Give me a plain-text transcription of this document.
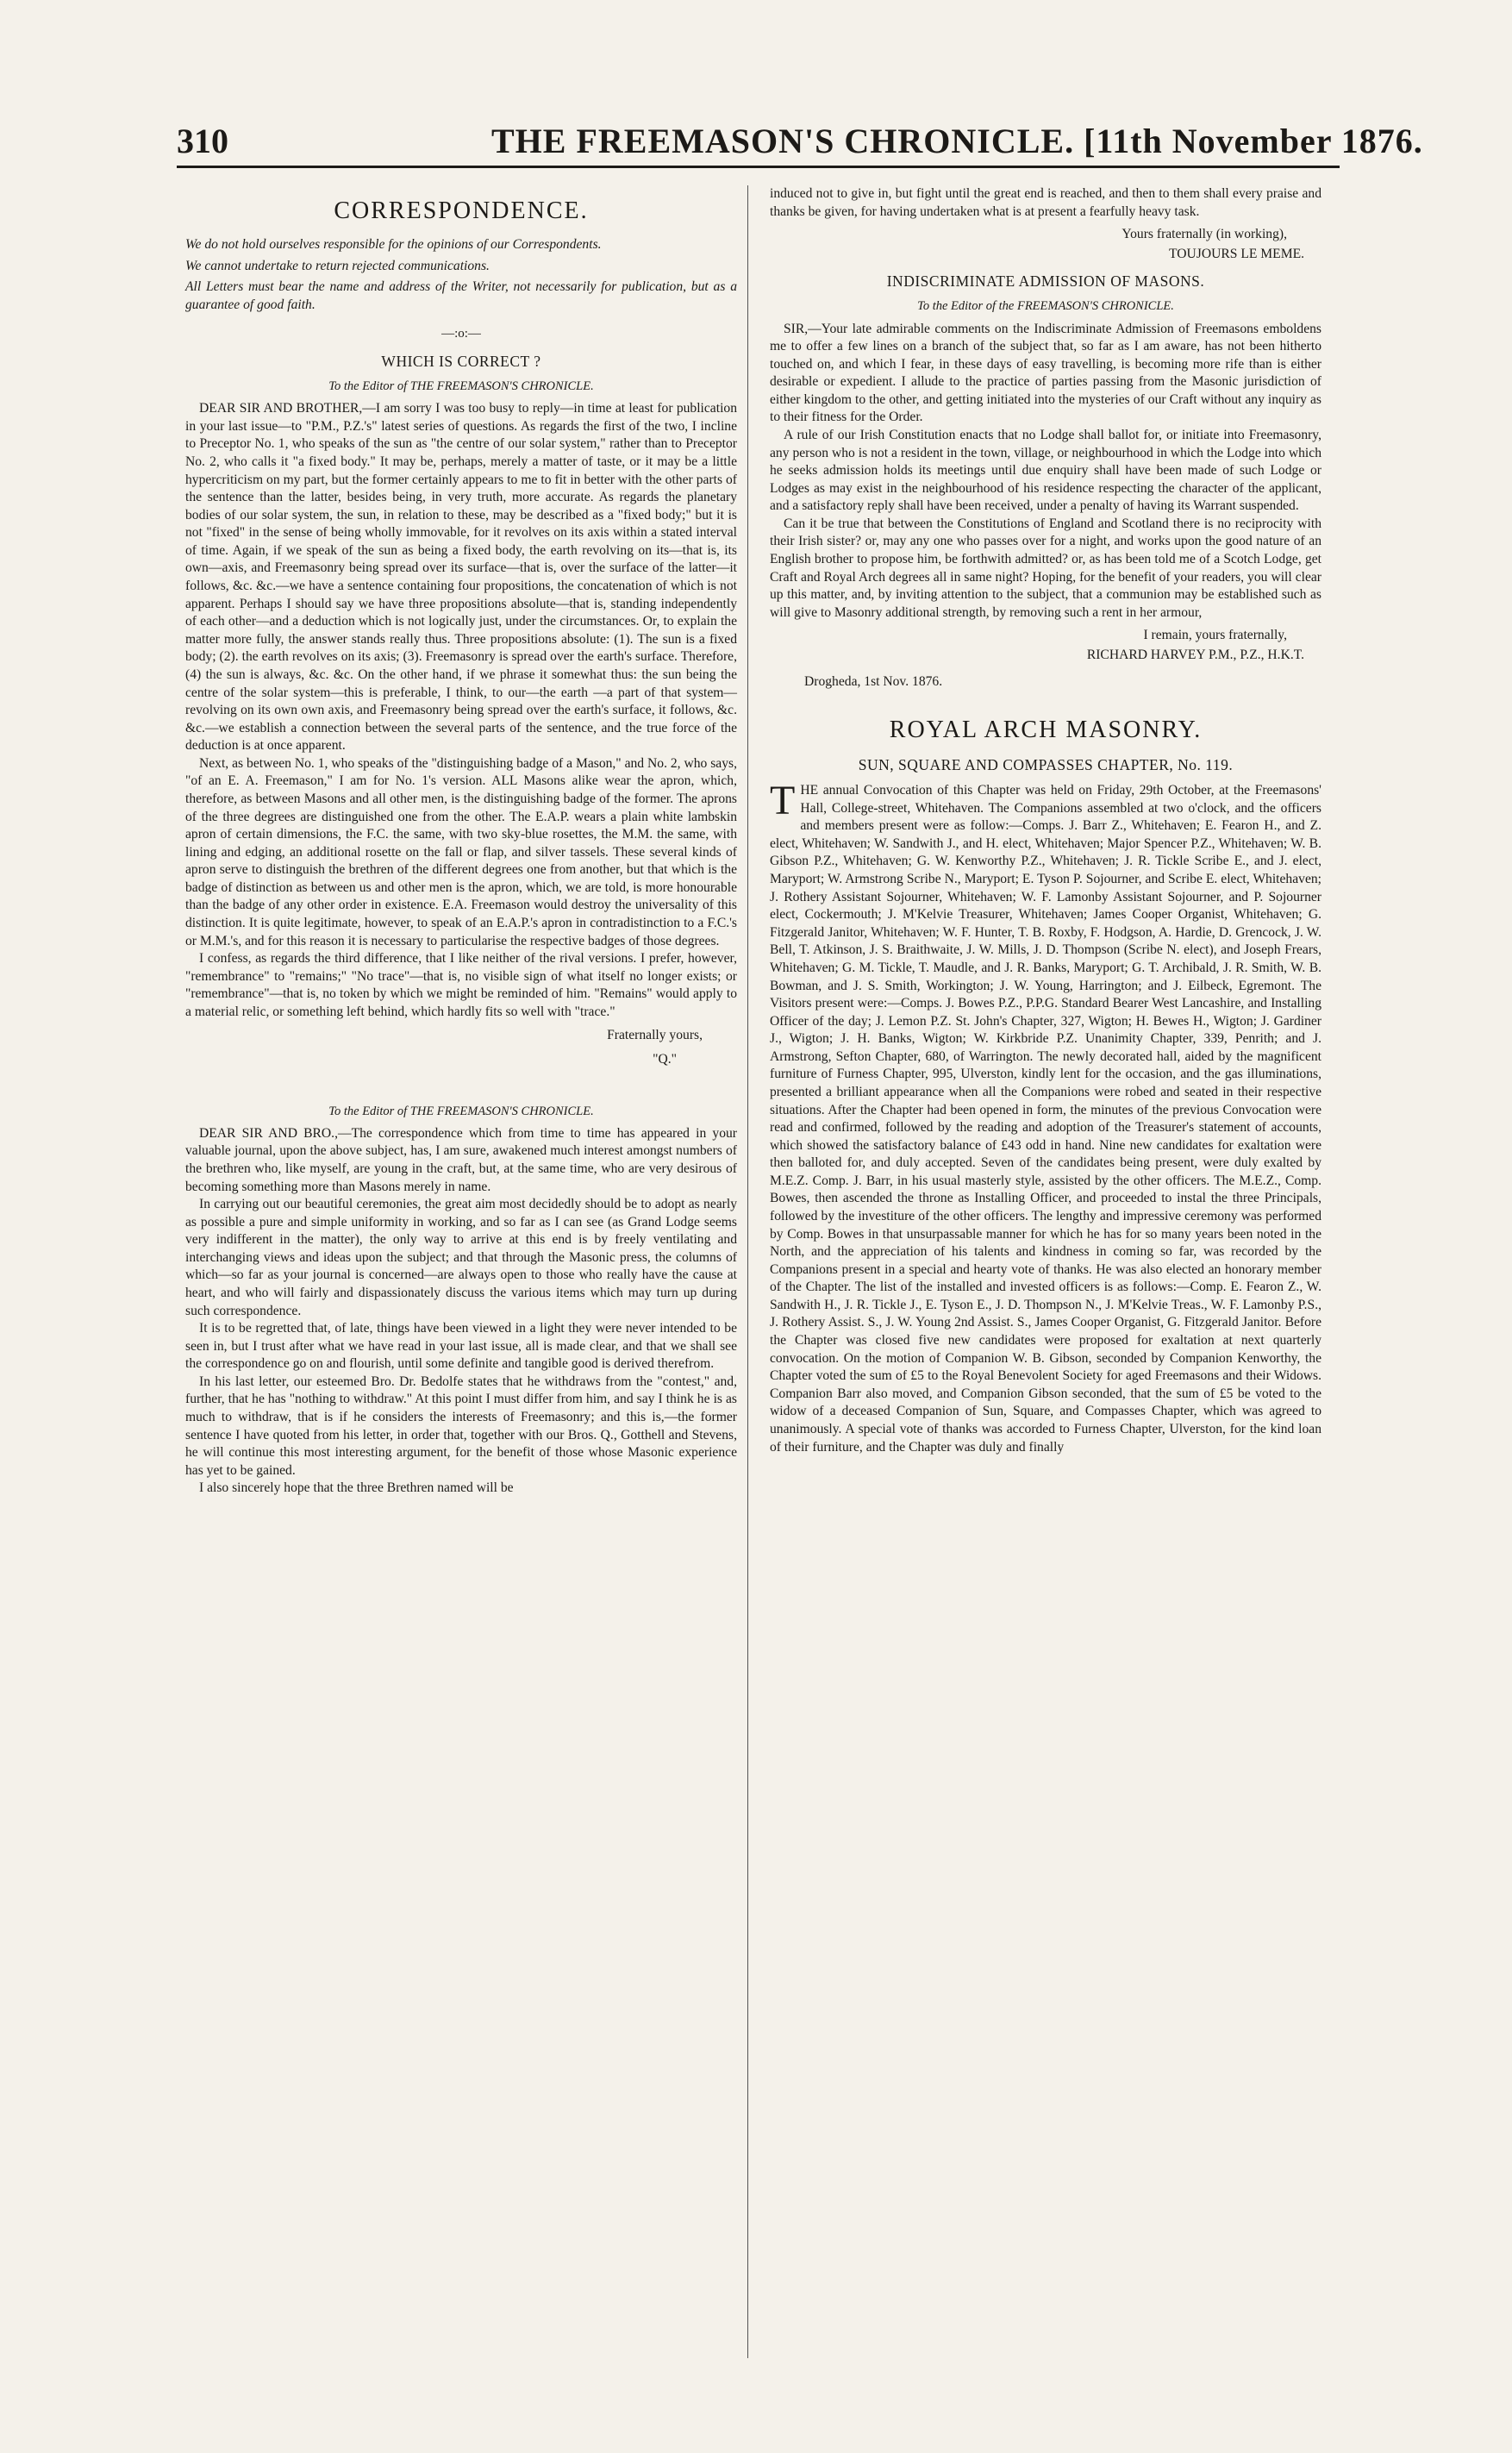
310	THE FREEMASON'S CHRONICLE. [11th November 1876.
CORRESPONDENCE.

We do not hold ourselves responsible for the opinions of our Correspondents.

We cannot undertake to return rejected communications.

All Letters must bear the name and address of the Writer, not necessarily for publication, but as a guarantee of good faith.

—:o:—
WHICH IS CORRECT ?
To the Editor of THE FREEMASON'S CHRONICLE.

DEAR SIR AND BROTHER,—I am sorry I was too busy to reply—in time at least for publication in your last issue—to "P.M., P.Z.'s" latest series of questions. As regards the first of the two, I incline to Preceptor No. 1, who speaks of the sun as "the centre of our solar system," rather than to Preceptor No. 2, who calls it "a fixed body." It may be, perhaps, merely a matter of taste, or it may be a little hypercriticism on my part, but the former certainly appears to me to fit in better with the other parts of the sentence than the latter, besides being, in very truth, more accurate. As regards the planetary bodies of our solar system, the sun, in relation to these, may be described as a "fixed body;" but it is not "fixed" in the sense of being wholly immovable, for it revolves on its axis within a stated interval of time. Again, if we speak of the sun as being a fixed body, the earth revolving on its—that is, its own—axis, and Freemasonry being spread over its surface—that is, over the surface of the latter—it follows, &c. &c.—we have a sentence containing four propositions, the concatenation of which is not apparent. Perhaps I should say we have three propositions absolute—that is, standing independently of each other—and a deduction which is not logically just, under the circumstances. Or, to explain the matter more fully, the answer stands really thus. Three propositions absolute: (1). The sun is a fixed body; (2). the earth revolves on its axis; (3). Freemasonry is spread over the earth's surface. Therefore, (4) the sun is always, &c. &c. On the other hand, if we phrase it somewhat thus: the sun being the centre of the solar system—this is preferable, I think, to our—the earth —a part of that system—revolving on its own own axis, and Freemasonry being spread over the earth's surface, it follows, &c. &c.—we establish a connection between the several parts of the sentence, and the true force of the deduction is at once apparent.

Next, as between No. 1, who speaks of the "distinguishing badge of a Mason," and No. 2, who says, "of an E. A. Freemason," I am for No. 1's version. ALL Masons alike wear the apron, which, therefore, as between Masons and all other men, is the distinguishing badge of the former. The aprons of the three degrees are distinguished one from the other. The E.A.P. wears a plain white lambskin apron of certain dimensions, the F.C. the same, with two sky-blue rosettes, the M.M. the same, with lining and edging, an additional rosette on the fall or flap, and silver tassels. These several kinds of apron serve to distinguish the brethren of the different degrees one from another, but that which is the badge of distinction as between us and other men is the apron, which, we are told, is more honourable than the badge of any other order in existence. E.A. Freemason would destroy the universality of this distinction. It is quite legitimate, however, to speak of an E.A.P.'s apron in contradistinction to a F.C.'s or M.M.'s, and for this reason it is necessary to particularise the respective badges of those degrees.

I confess, as regards the third difference, that I like neither of the rival versions. I prefer, however, "remembrance" to "remains;" "No trace"—that is, no visible sign of what itself no longer exists; or "remembrance"—that is, no token by which we might be reminded of him. "Remains" would apply to a material relic, or something left behind, which hardly fits so well with "trace."

Fraternally yours,
"Q."
To the Editor of THE FREEMASON'S CHRONICLE.

DEAR SIR AND BRO.,—The correspondence which from time to time has appeared in your valuable journal, upon the above subject, has, I am sure, awakened much interest amongst numbers of the brethren who, like myself, are young in the craft, but, at the same time, who are very desirous of becoming something more than Masons merely in name.

In carrying out our beautiful ceremonies, the great aim most decidedly should be to adopt as nearly as possible a pure and simple uniformity in working, and so far as I can see (as Grand Lodge seems very indifferent in the matter), the only way to arrive at this end is by freely ventilating and interchanging views and ideas upon the subject; and that through the Masonic press, the columns of which—so far as your journal is concerned—are always open to those who really have the cause at heart, and who will fairly and dispassionately discuss the various items which may turn up during such correspondence.

It is to be regretted that, of late, things have been viewed in a light they were never intended to be seen in, but I trust after what we have read in your last issue, all is made clear, and that we shall see the correspondence go on and flourish, until some definite and tangible good is derived therefrom.

In his last letter, our esteemed Bro. Dr. Bedolfe states that he withdraws from the "contest," and, further, that he has "nothing to withdraw." At this point I must differ from him, and say I think he is as much to withdraw, that is if he considers the interests of Freemasonry; and this is,—the former sentence I have quoted from his letter, in order that, together with our Bros. Q., Gotthell and Stevens, he will continue this most interesting argument, for the benefit of those whose Masonic experience has yet to be gained.

I also sincerely hope that the three Brethren named will be

induced not to give in, but fight until the great end is reached, and then to them shall every praise and thanks be given, for having undertaken what is at present a fearfully heavy task.

Yours fraternally (in working),
TOUJOURS LE MEME.
INDISCRIMINATE ADMISSION OF MASONS.
To the Editor of the FREEMASON'S CHRONICLE.

SIR,—Your late admirable comments on the Indiscriminate Admission of Freemasons emboldens me to offer a few lines on a branch of the subject that, so far as I am aware, has not been hitherto touched on, and which I fear, in these days of easy travelling, is becoming more rife than is either desirable or expedient. I allude to the practice of parties passing from the Masonic jurisdiction of either kingdom to the other, and getting initiated into the mysteries of our Craft without any inquiry as to their fitness for the Order.

A rule of our Irish Constitution enacts that no Lodge shall ballot for, or initiate into Freemasonry, any person who is not a resident in the town, village, or neighbourhood in which the Lodge into which he seeks admission holds its meetings until due enquiry shall have been made of such Lodge or Lodges as may exist in the neighbourhood of his residence respecting the character of the applicant, and a satisfactory reply shall have been received, under a penalty of having its Warrant suspended.

Can it be true that between the Constitutions of England and Scotland there is no reciprocity with their Irish sister? or, may any one who passes over for a night, and works upon the good nature of an English brother to propose him, be forthwith admitted? or, as has been told me of a Scotch Lodge, get Craft and Royal Arch degrees all in same night? Hoping, for the benefit of your readers, you will clear up this matter, and, by inviting attention to the subject, that a communion may be established such as will give to Masonry additional strength, by removing such a rent in her armour,

I remain, yours fraternally,
RICHARD HARVEY P.M., P.Z., H.K.T.

Drogheda, 1st Nov. 1876.

ROYAL ARCH MASONRY.
SUN, SQUARE AND COMPASSES CHAPTER, No. 119.

THE annual Convocation of this Chapter was held on Friday, 29th October, at the Freemasons' Hall, College-street, Whitehaven. The Companions assembled at two o'clock, and the officers and members present were as follow:—Comps. J. Barr Z., Whitehaven; E. Fearon H., and Z. elect, Whitehaven; W. Sandwith J., and H. elect, Whitehaven; Major Spencer P.Z., Whitehaven; W. B. Gibson P.Z., Whitehaven; G. W. Kenworthy P.Z., Whitehaven; J. R. Tickle Scribe E., and J. elect, Maryport; W. Armstrong Scribe N., Maryport; E. Tyson P. Sojourner, and Scribe E. elect, Whitehaven; J. Rothery Assistant Sojourner, Whitehaven; W. F. Lamonby Assistant Sojourner, and P. Sojourner elect, Cockermouth; J. M'Kelvie Treasurer, Whitehaven; James Cooper Organist, Whitehaven; G. Fitzgerald Janitor, Whitehaven; W. F. Hunter, T. B. Roxby, F. Hodgson, A. Hardie, D. Grencock, J. W. Bell, T. Atkinson, J. S. Braithwaite, J. W. Mills, J. D. Thompson (Scribe N. elect), and Joseph Frears, Whitehaven; G. M. Tickle, T. Maudle, and J. R. Banks, Maryport; G. T. Archibald, J. R. Smith, W. B. Bowman, and J. S. Smith, Workington; J. W. Young, Harrington; and J. Eilbeck, Egremont. The Visitors present were:—Comps. J. Bowes P.Z., P.P.G. Standard Bearer West Lancashire, and Installing Officer of the day; J. Lemon P.Z. St. John's Chapter, 327, Wigton; H. Bewes H., Wigton; J. Gardiner J., Wigton; J. H. Banks, Wigton; W. Kirkbride P.Z. Unanimity Chapter, 339, Penrith; and J. Armstrong, Sefton Chapter, 680, of Warrington. The newly decorated hall, aided by the magnificent furniture of Furness Chapter, 995, Ulverston, kindly lent for the occasion, and the gas illuminations, presented a brilliant appearance when all the Companions were robed and seated in their respective situations. After the Chapter had been opened in form, the minutes of the previous Convocation were read and confirmed, followed by the reading and adoption of the Treasurer's statement of accounts, which showed the satisfactory balance of £43 odd in hand. Nine new candidates for exaltation were then balloted for, and duly accepted. Seven of the candidates being present, were duly exalted by M.E.Z. Comp. J. Barr, in his usual masterly style, assisted by the other officers. The M.E.Z., Comp. Bowes, then ascended the throne as Installing Officer, and proceeded to instal the three Principals, followed by the investiture of the other officers. The lengthy and impressive ceremony was performed by Comp. Bowes in that unsurpassable manner for which he has for so many years been noted in the North, and the appreciation of his talents and kindness in coming so far, was recorded by the Companions present in a special and hearty vote of thanks. He was also elected an honorary member of the Chapter. The list of the installed and invested officers is as follows:—Comp. E. Fearon Z., W. Sandwith H., J. R. Tickle J., E. Tyson E., J. D. Thompson N., J. M'Kelvie Treas., W. F. Lamonby P.S., J. Rothery Assist. S., J. W. Young 2nd Assist. S., James Cooper Organist, G. Fitzgerald Janitor. Before the Chapter was closed five new candidates were proposed for exaltation at next quarterly convocation. On the motion of Companion W. B. Gibson, seconded by Companion Kenworthy, the Chapter voted the sum of £5 to the Royal Benevolent Society for aged Freemasons and their Widows. Companion Barr also moved, and Companion Gibson seconded, that the sum of £5 be voted to the widow of a deceased Companion of Sun, Square, and Compasses Chapter, which was agreed to unanimously. A special vote of thanks was accorded to Furness Chapter, Ulverston, for the kind loan of their furniture, and the Chapter was duly and finally
